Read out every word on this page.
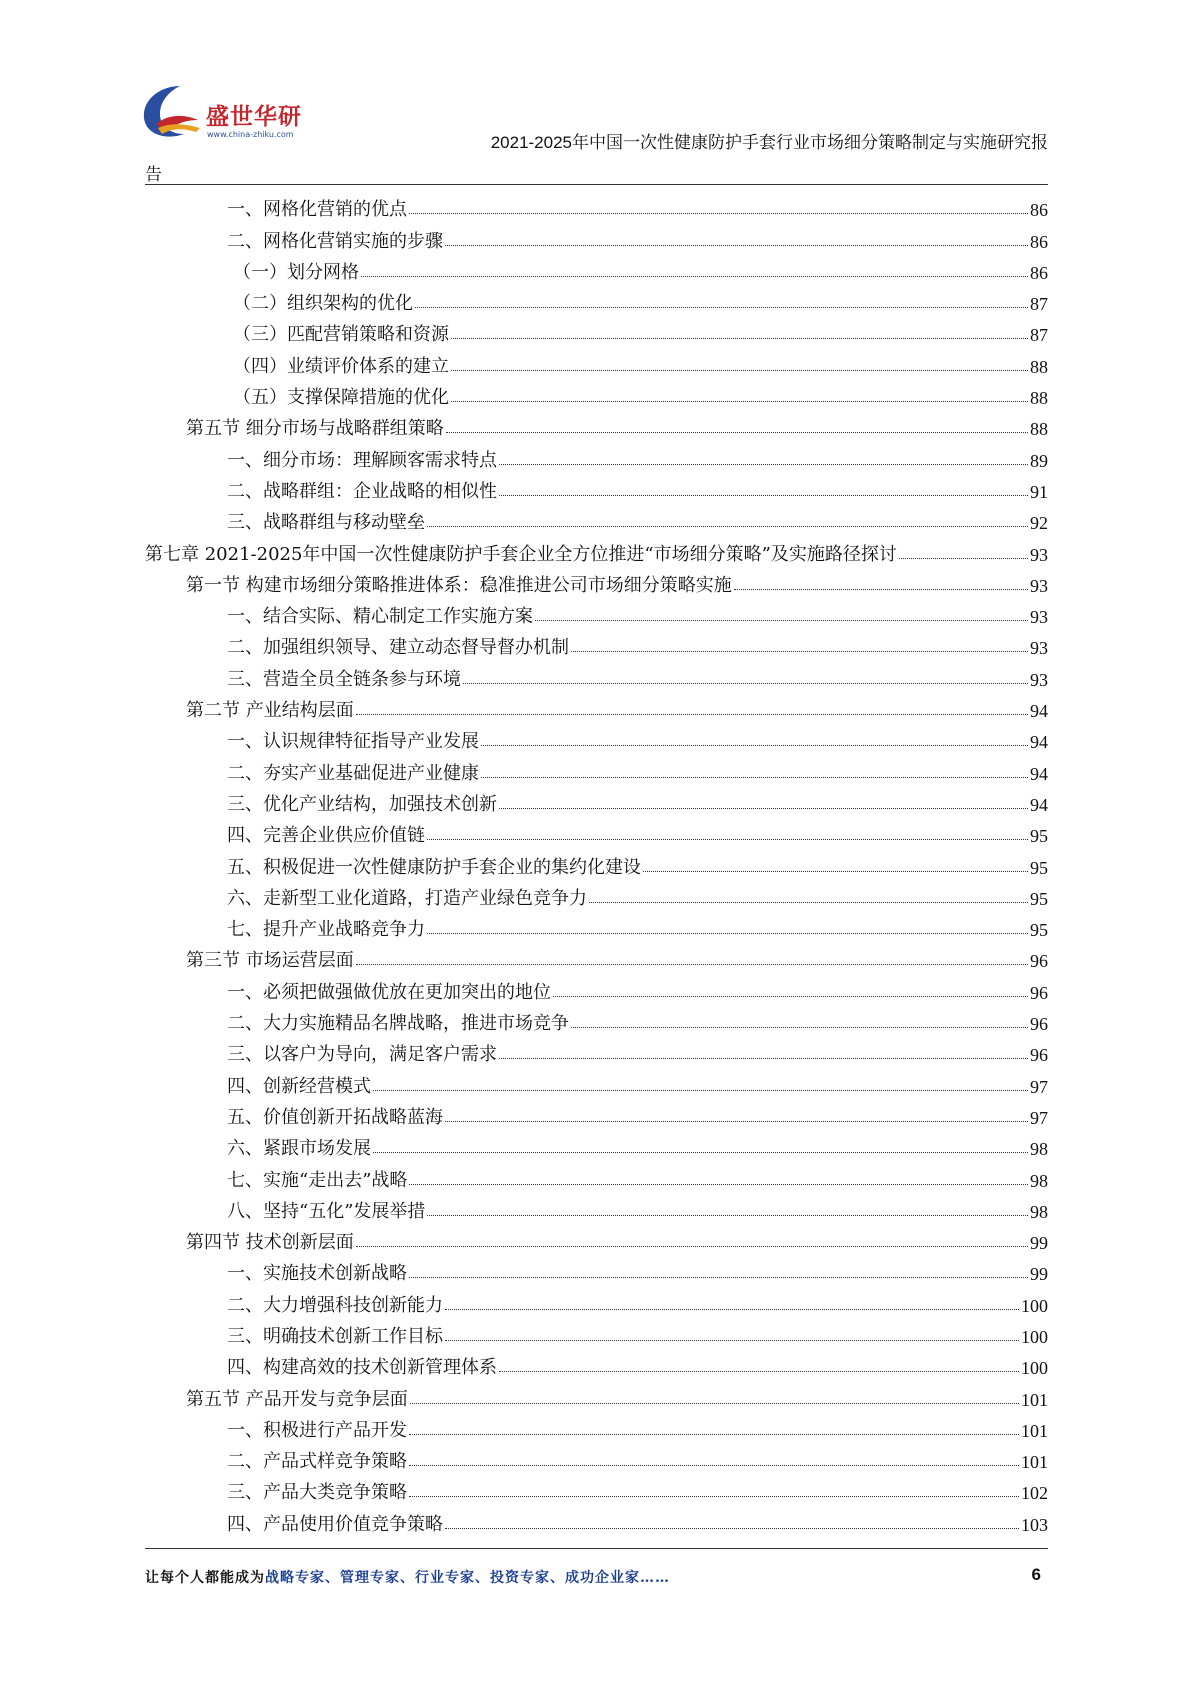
盛世华研
www.china-zhiku.com	2021-2025年中国一次性健康防护手套行业市场细分策略制定与实施研究报
告
一、网格化营销的优点	86
二、网格化营销实施的步骤	86
（一）划分网格	86
（二）组织架构的优化	87
（三）匹配营销策略和资源	87
（四）业绩评价体系的建立	88
（五）支撑保障措施的优化	88
第五节 细分市场与战略群组策略	88
一、细分市场：理解顾客需求特点	89
二、战略群组：企业战略的相似性	91
三、战略群组与移动壁垒	92
第七章 2021-2025年中国一次性健康防护手套企业全方位推进“市场细分策略”及实施路径探讨	93
第一节 构建市场细分策略推进体系：稳准推进公司市场细分策略实施	93
一、结合实际、精心制定工作实施方案	93
二、加强组织领导、建立动态督导督办机制	93
三、营造全员全链条参与环境	93
第二节 产业结构层面	94
一、认识规律特征指导产业发展	94
二、夯实产业基础促进产业健康	94
三、优化产业结构，加强技术创新	94
四、完善企业供应价值链	95
五、积极促进一次性健康防护手套企业的集约化建设	95
六、走新型工业化道路，打造产业绿色竞争力	95
七、提升产业战略竞争力	95
第三节 市场运营层面	96
一、必须把做强做优放在更加突出的地位	96
二、大力实施精品名牌战略，推进市场竞争	96
三、以客户为导向，满足客户需求	96
四、创新经营模式	97
五、价值创新开拓战略蓝海	97
六、紧跟市场发展	98
七、实施“走出去”战略	98
八、坚持“五化”发展举措	98
第四节 技术创新层面	99
一、实施技术创新战略	99
二、大力增强科技创新能力	100
三、明确技术创新工作目标	100
四、构建高效的技术创新管理体系	100
第五节 产品开发与竞争层面	101
一、积极进行产品开发	101
二、产品式样竞争策略	101
三、产品大类竞争策略	102
四、产品使用价值竞争策略	103
让每个人都能成为战略专家、管理专家、行业专家、投资专家、成功企业家……	6
